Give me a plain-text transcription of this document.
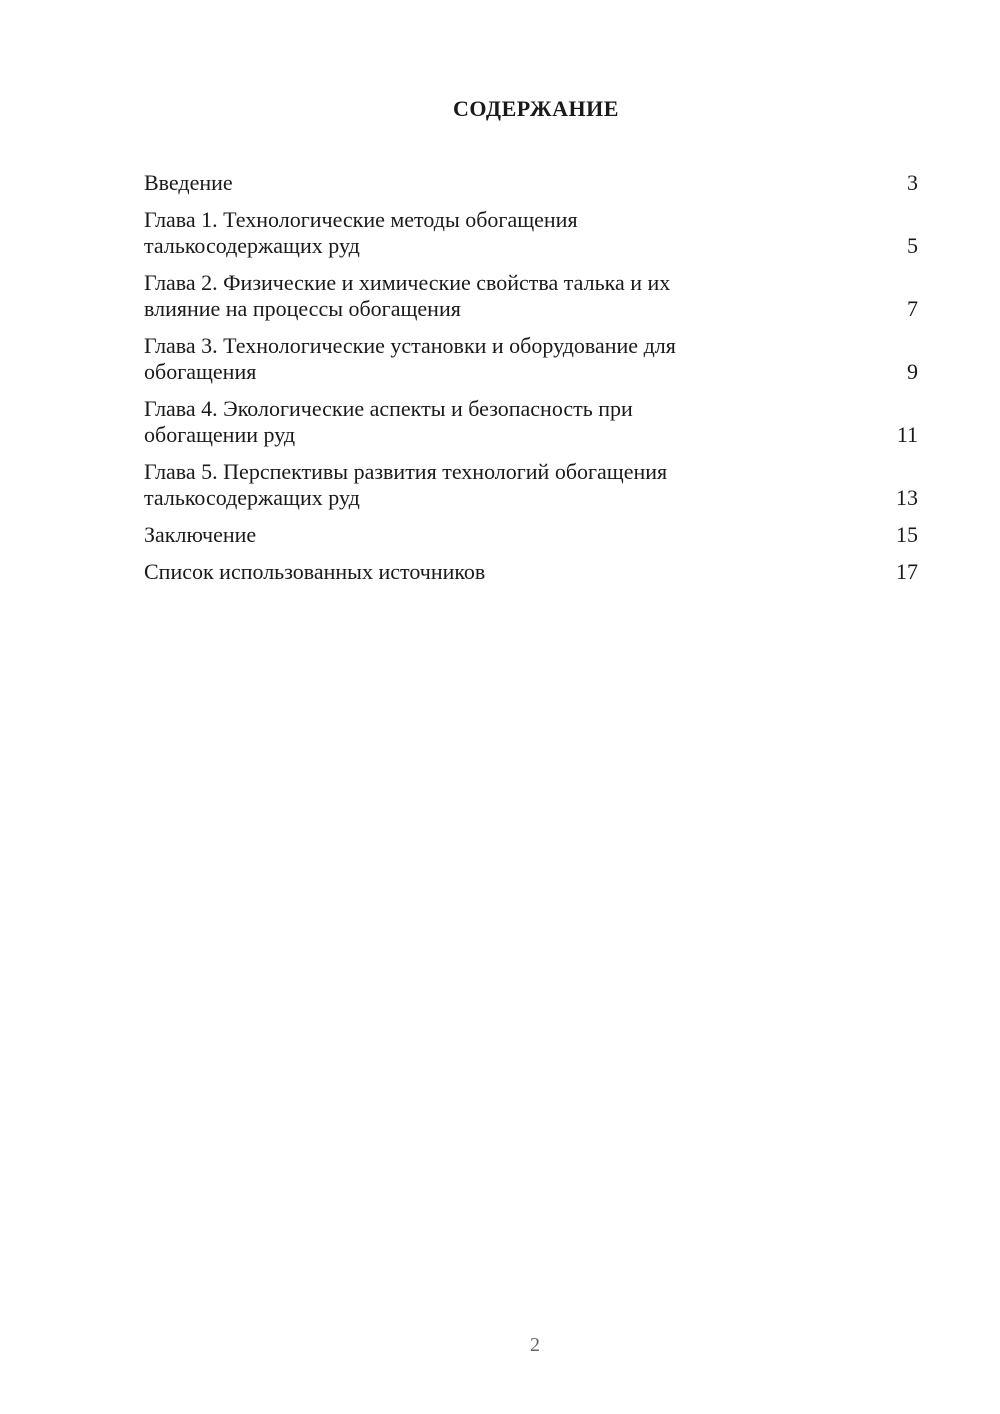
СОДЕРЖАНИЕ
Введение	3
Глава 1. Технологические методы обогащения
талькосодержащих руд	5
Глава 2. Физические и химические свойства талька и их
влияние на процессы обогащения	7
Глава 3. Технологические установки и оборудование для
обогащения	9
Глава 4. Экологические аспекты и безопасность при
обогащении руд	11
Глава 5. Перспективы развития технологий обогащения
талькосодержащих руд	13
Заключение	15
Список использованных источников	17
2
